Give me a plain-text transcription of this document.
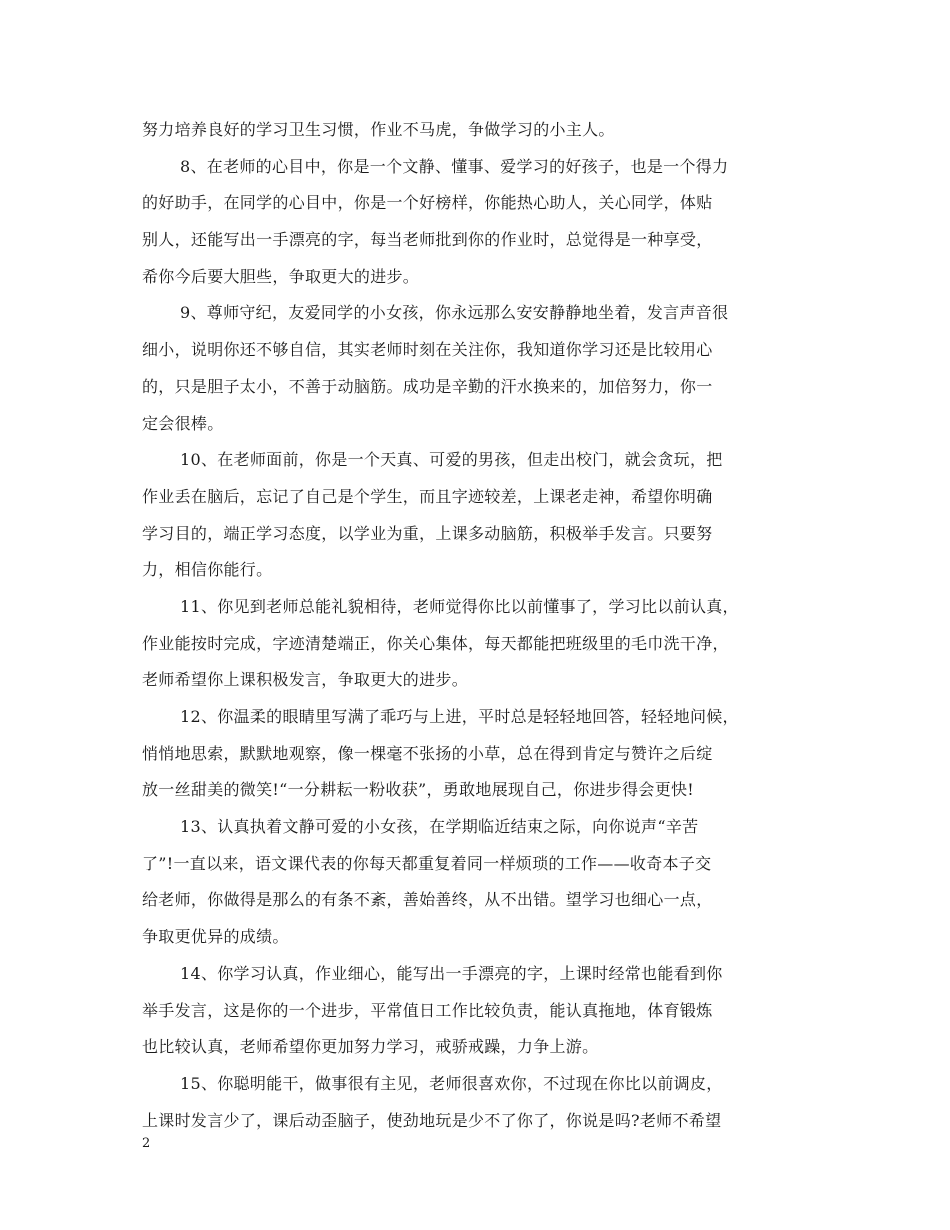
努力培养良好的学习卫生习惯，作业不马虎，争做学习的小主人。
8、在老师的心目中，你是一个文静、懂事、爱学习的好孩子，也是一个得力
的好助手，在同学的心目中，你是一个好榜样，你能热心助人，关心同学，体贴
别人，还能写出一手漂亮的字，每当老师批到你的作业时，总觉得是一种享受，
希你今后要大胆些，争取更大的进步。
9、尊师守纪，友爱同学的小女孩，你永远那么安安静静地坐着，发言声音很
细小，说明你还不够自信，其实老师时刻在关注你，我知道你学习还是比较用心
的，只是胆子太小，不善于动脑筋。成功是辛勤的汗水换来的，加倍努力，你一
定会很棒。
10、在老师面前，你是一个天真、可爱的男孩，但走出校门，就会贪玩，把
作业丢在脑后，忘记了自己是个学生，而且字迹较差，上课老走神，希望你明确
学习目的，端正学习态度，以学业为重，上课多动脑筋，积极举手发言。只要努
力，相信你能行。
11、你见到老师总能礼貌相待，老师觉得你比以前懂事了，学习比以前认真，
作业能按时完成，字迹清楚端正，你关心集体，每天都能把班级里的毛巾洗干净，
老师希望你上课积极发言，争取更大的进步。
12、你温柔的眼睛里写满了乖巧与上进，平时总是轻轻地回答，轻轻地问候，
悄悄地思索，默默地观察，像一棵毫不张扬的小草，总在得到肯定与赞许之后绽
放一丝甜美的微笑!“一分耕耘一粉收获”，勇敢地展现自己，你进步得会更快!
13、认真执着文静可爱的小女孩，在学期临近结束之际，向你说声“辛苦
了”!一直以来，语文课代表的你每天都重复着同一样烦琐的工作——收奇本子交
给老师，你做得是那么的有条不紊，善始善终，从不出错。望学习也细心一点，
争取更优异的成绩。
14、你学习认真，作业细心，能写出一手漂亮的字，上课时经常也能看到你
举手发言，这是你的一个进步，平常值日工作比较负责，能认真拖地，体育锻炼
也比较认真，老师希望你更加努力学习，戒骄戒躁，力争上游。
15、你聪明能干，做事很有主见，老师很喜欢你，不过现在你比以前调皮，
上课时发言少了，课后动歪脑子，使劲地玩是少不了你了，你说是吗?老师不希望
2
